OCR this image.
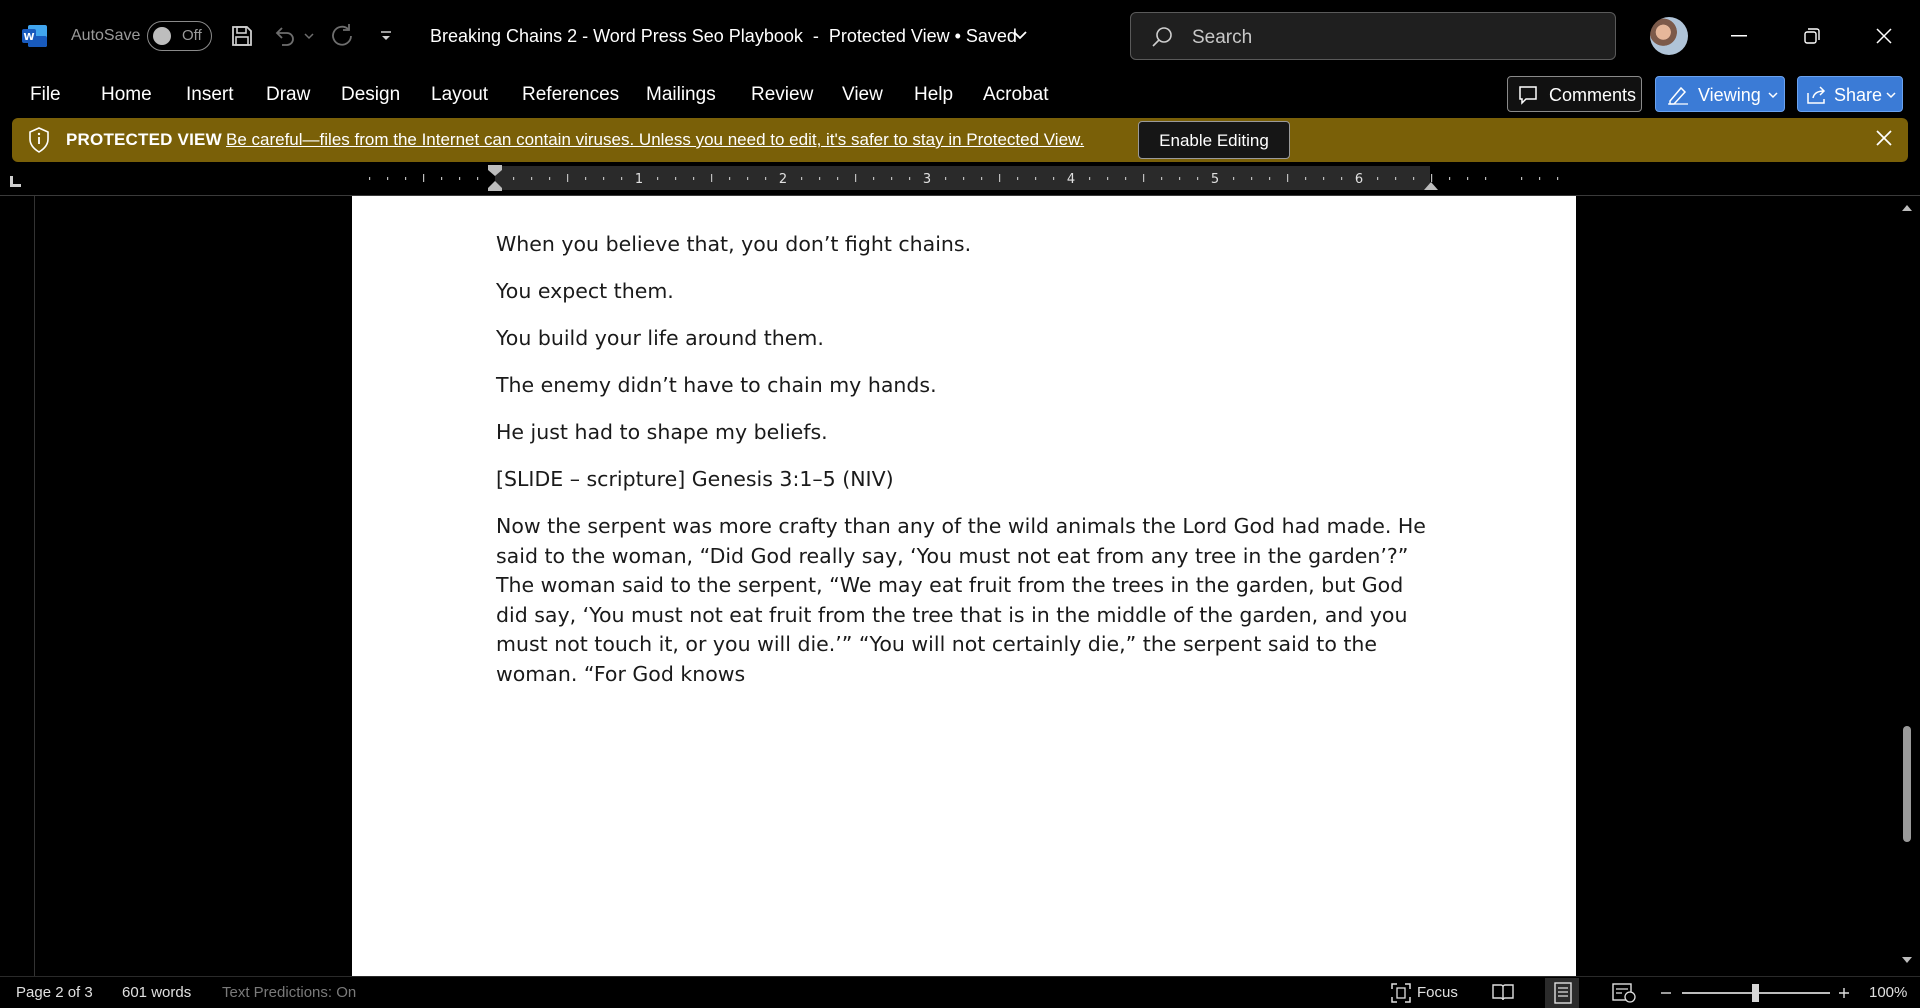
W AutoSave	Off	Breaking Chains 2 - Word Press Seo Playbook  -  Protected View • Saved	Search
File Home Insert Draw Design Layout References Mailings Review View Help Acrobat	Comments	Viewing	Share
PROTECTED VIEW Be careful—files from the Internet can contain viruses. Unless you need to edit, it's safer to stay in Protected View.	Enable Editing
1	2	3	4	5	6

When you believe that, you don’t fight chains.

You expect them.

You build your life around them.

The enemy didn’t have to chain my hands.

He just had to shape my beliefs.

[SLIDE – scripture] Genesis 3:1–5 (NIV)

Now the serpent was more crafty than any of the wild animals the Lord God had made. He said to the woman, “Did God really say, ‘You must not eat from any tree in the garden’?” The woman said to the serpent, “We may eat fruit from the trees in the garden, but God did say, ‘You must not eat fruit from the tree that is in the middle of the garden, and you must not touch it, or you will die.’” “You will not certainly die,” the serpent said to the woman. “For God knows

Page 2 of 3 601 words Text Predictions: On	Focus	100%
